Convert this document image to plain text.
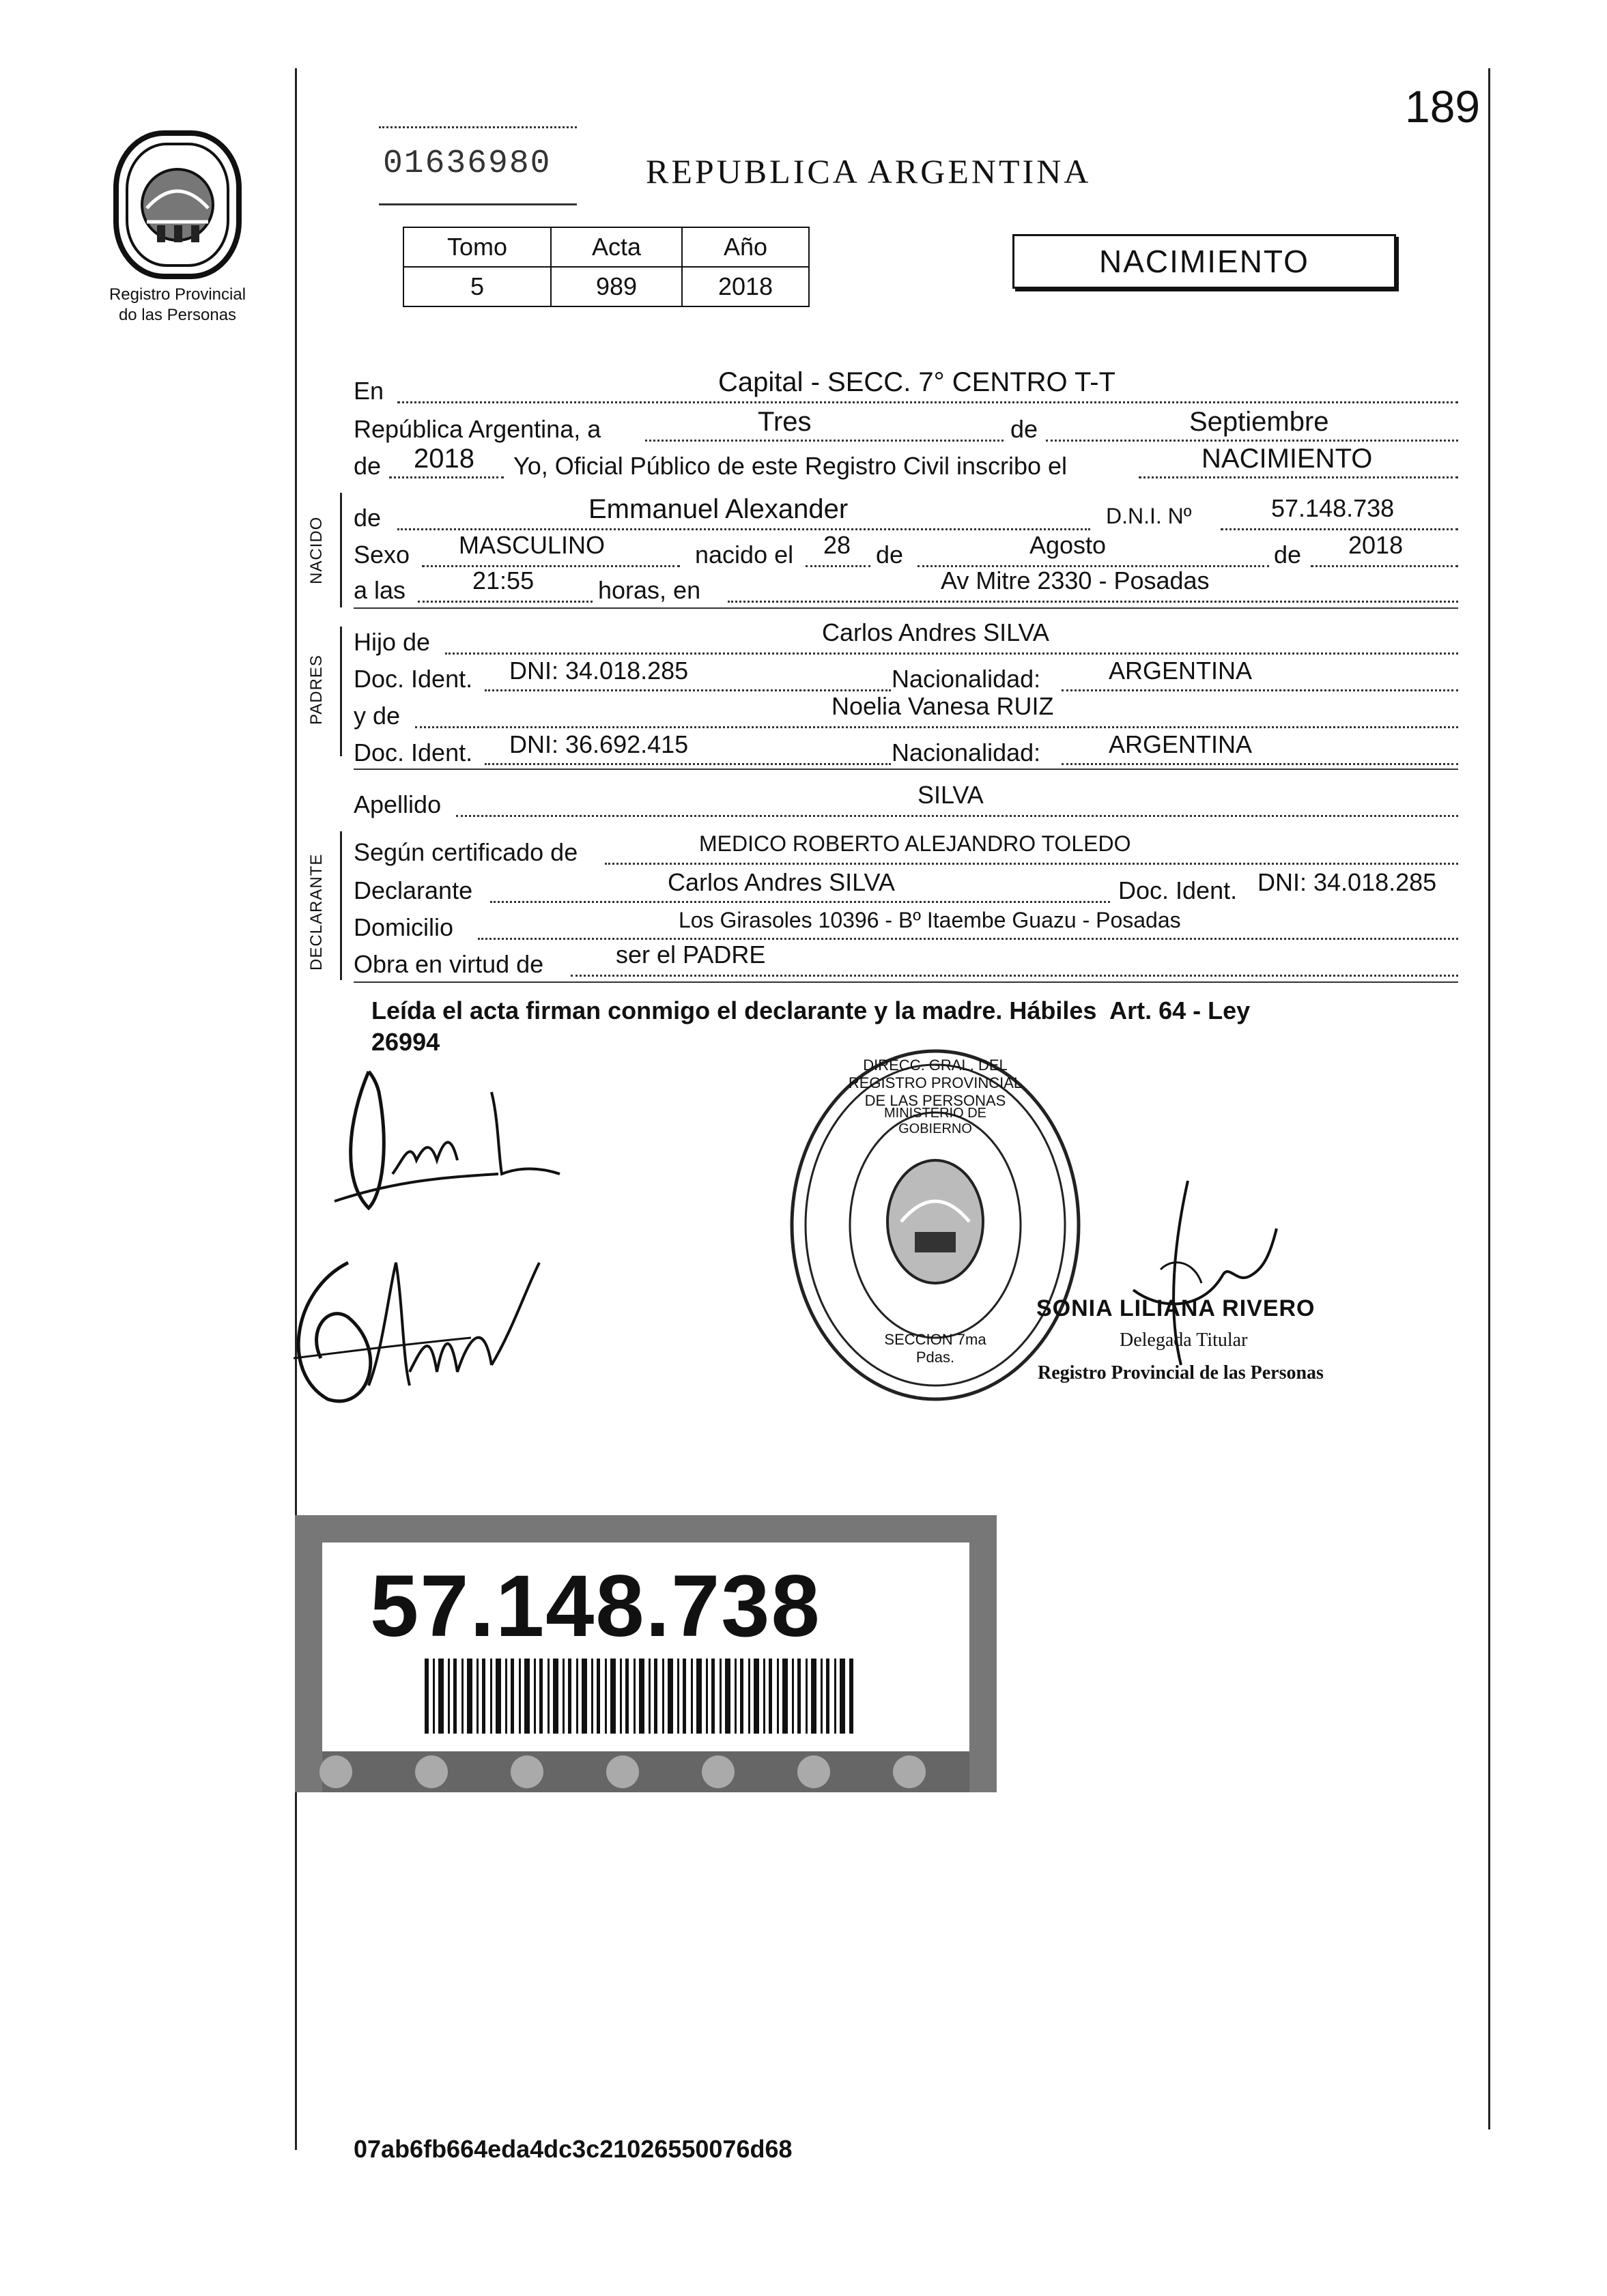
Registro Provincial
do las Personas
189
01636980	REPUBLICA ARGENTINA
Tomo	Acta	Año
5	989	2018
NACIMIENTO
En	Capital - SECC. 7° CENTRO T-T
República Argentina, a	Tres	de	Septiembre
de 2018 Yo, Oficial Público de este Registro Civil inscribo el	NACIMIENTO
NACIDO de	Emmanuel Alexander	D.N.I. Nº	57.148.738
Sexo MASCULINO	nacido el 28 de	Agosto	de 2018
a las	21:55	horas, en	Av Mitre 2330 - Posadas
PADRES
Hijo de	Carlos Andres SILVA
Doc. Ident. DNI: 34.018.285	Nacionalidad:	ARGENTINA
y de	Noelia Vanesa RUIZ
Doc. Ident. DNI: 36.692.415	Nacionalidad:	ARGENTINA
Apellido	SILVA
DECLARANTE
Según certificado de	MEDICO ROBERTO ALEJANDRO TOLEDO
Declarante	Carlos Andres SILVA	Doc. Ident. DNI: 34.018.285
Domicilio	Los Girasoles 10396 - Bº Itaembe Guazu - Posadas
Obra en virtud de	ser el PADRE
Leída el acta firman conmigo el declarante y la madre. Hábiles  Art. 64 - Ley
26994
DIRECC. GRAL. DEL REGISTRO PROVINCIAL DE LAS PERSONAS
MINISTERIO DE GOBIERNO
SECCION 7ma Pdas.
SONIA LILIANA RIVERO
Delegada Titular
Registro Provincial de las Personas
57.148.738
07ab6fb664eda4dc3c21026550076d68
